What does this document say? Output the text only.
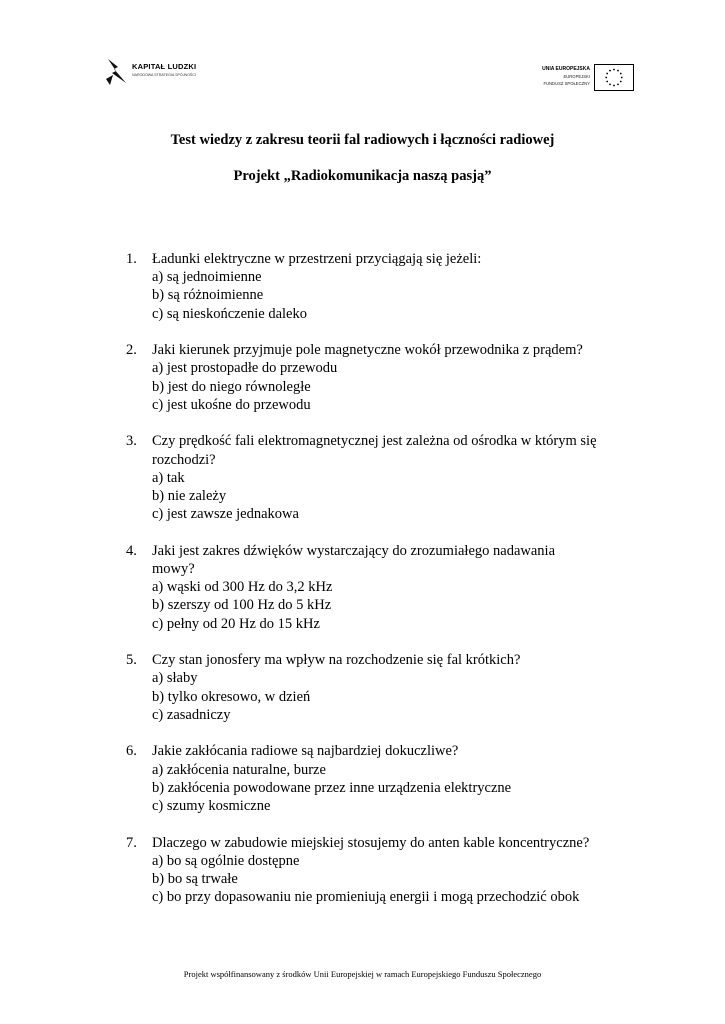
KAPITAŁ LUDZKI
NARODOWA STRATEGIA SPÓJNOŚCI
UNIA EUROPEJSKA
EUROPEJSKI
FUNDUSZ SPOŁECZNY
Test wiedzy z zakresu teorii fal radiowych i łączności radiowej
Projekt „Radiokomunikacja naszą pasją”
1.	Ładunki elektryczne w przestrzeni przyciągają się jeżeli:
a) są jednoimienne
b) są różnoimienne
c) są nieskończenie daleko
2.	Jaki kierunek przyjmuje pole magnetyczne wokół przewodnika z prądem?
a) jest prostopadłe do przewodu
b) jest do niego równoległe
c) jest ukośne do przewodu
3.	Czy prędkość fali elektromagnetycznej jest zależna od ośrodka w którym się
rozchodzi?
a) tak
b) nie zależy
c) jest zawsze jednakowa
4.	Jaki jest zakres dźwięków wystarczający do zrozumiałego nadawania
mowy?
a) wąski od 300 Hz do 3,2 kHz
b) szerszy od 100 Hz do 5 kHz
c) pełny od 20 Hz do 15 kHz
5.	Czy stan jonosfery ma wpływ na rozchodzenie się fal krótkich?
a) słaby
b) tylko okresowo, w dzień
c) zasadniczy
6.	Jakie zakłócania radiowe są najbardziej dokuczliwe?
a) zakłócenia naturalne, burze
b) zakłócenia powodowane przez inne urządzenia elektryczne
c) szumy kosmiczne
7.	Dlaczego w zabudowie miejskiej stosujemy do anten kable koncentryczne?
a) bo są ogólnie dostępne
b) bo są trwałe
c) bo przy dopasowaniu nie promieniują energii i mogą przechodzić obok
Projekt współfinansowany z środków Unii Europejskiej w ramach Europejskiego Funduszu Społecznego
